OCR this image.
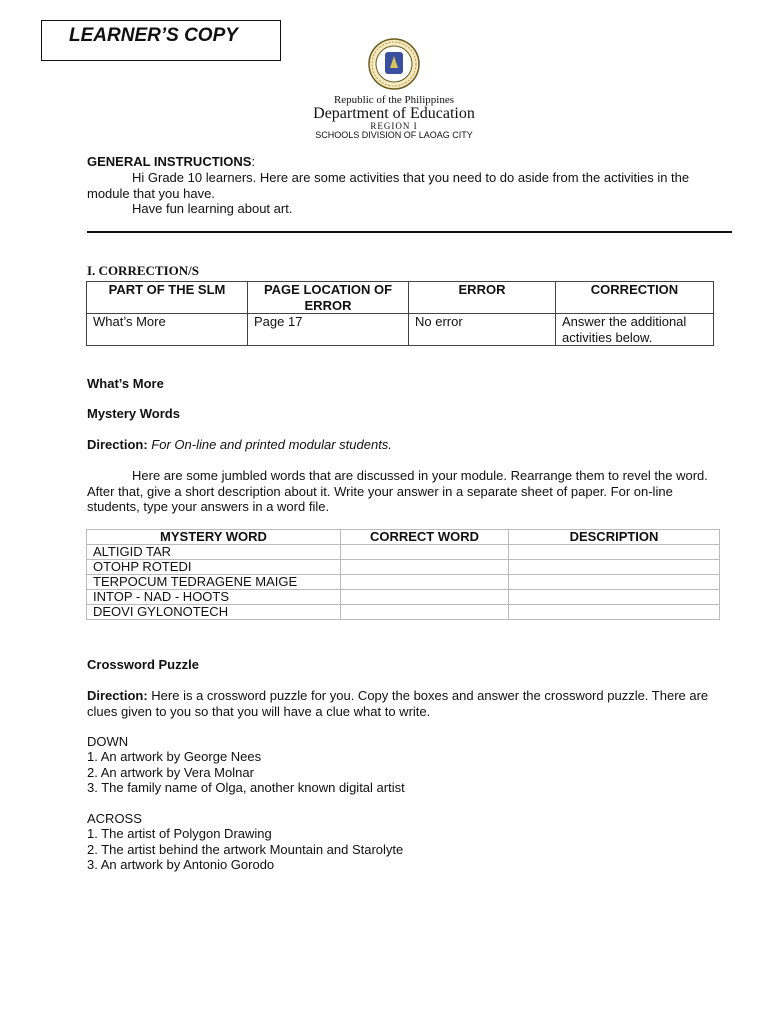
LEARNER’S COPY
Republic of the Philippines
Department of Education
REGION I
SCHOOLS DIVISION OF LAOAG CITY
GENERAL INSTRUCTIONS:
Hi Grade 10 learners. Here are some activities that you need to do aside from the activities in the module that you have.
Have fun learning about art.
I. CORRECTION/S
PART OF THE SLM	PAGE LOCATION OF ERROR	ERROR	CORRECTION
What’s More	Page 17	No error	Answer the additional activities below.
What’s More
Mystery Words
Direction: For On-line and printed modular students.
Here are some jumbled words that are discussed in your module. Rearrange them to revel the word. After that, give a short description about it. Write your answer in a separate sheet of paper. For on-line students, type your answers in a word file.
MYSTERY WORD	CORRECT WORD	DESCRIPTION
ALTIGID TAR		
OTOHP ROTEDI		
TERPOCUM TEDRAGENE MAIGE		
INTOP - NAD - HOOTS		
DEOVI GYLONOTECH		
Crossword Puzzle
Direction: Here is a crossword puzzle for you. Copy the boxes and answer the crossword puzzle. There are clues given to you so that you will have a clue what to write.
DOWN
1. An artwork by George Nees
2. An artwork by Vera Molnar
3. The family name of Olga, another known digital artist
ACROSS
1. The artist of Polygon Drawing
2. The artist behind the artwork Mountain and Starolyte
3. An artwork by Antonio Gorodo
